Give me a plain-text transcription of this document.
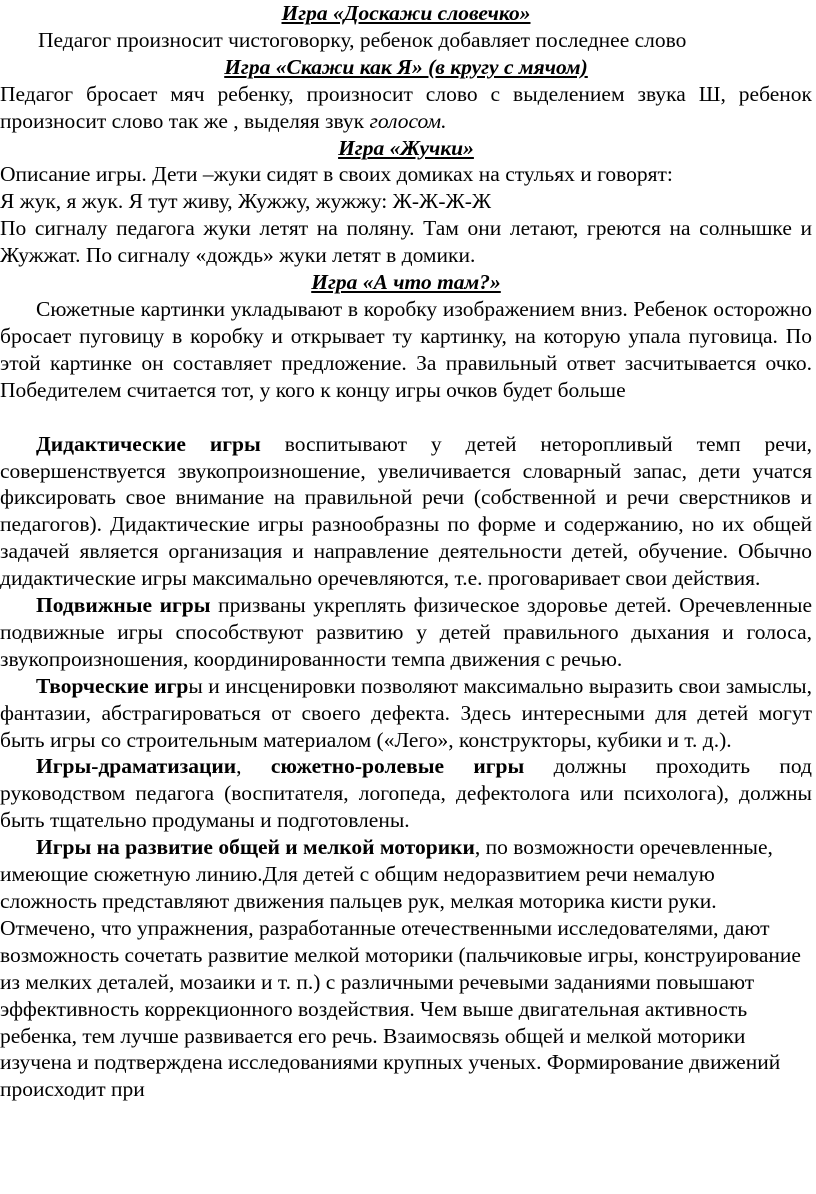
Игра «Доскажи словечко»

Педагог произносит чистоговорку, ребенок добавляет последнее слово

Игра «Скажи как Я» (в кругу с мячом)

Педагог бросает мяч ребенку, произносит слово с выделением звука Ш, ребенок произносит слово так же , выделяя звук голосом.

Игра «Жучки»

Описание игры. Дети –жуки сидят в своих домиках на стульях и говорят:

Я жук, я жук. Я тут живу, Жужжу, жужжу: Ж-Ж-Ж-Ж

По сигналу педагога жуки летят на поляну. Там они летают, греются на солнышке и Жужжат. По сигналу «дождь» жуки летят в домики.

Игра «А что там?»

Сюжетные картинки укладывают в коробку изображением вниз. Ребенок осторожно бросает пуговицу в коробку и открывает ту картинку, на которую упала пуговица. По этой картинке он составляет предложение. За правильный ответ засчитывается очко. Победителем считается тот, у кого к концу игры очков будет больше

Дидактические игры воспитывают у детей неторопливый темп речи, совершенствуется звукопроизношение, увеличивается словарный запас, дети учатся фиксировать свое внимание на правильной речи (собственной и речи сверстников и педагогов). Дидактические игры разнообразны по форме и содержанию, но их общей задачей является организация и направление деятельности детей, обучение. Обычно дидактические игры максимально оречевляются, т.е. проговаривает свои действия.

Подвижные игры призваны укреплять физическое здоровье детей. Оречевленные подвижные игры способствуют развитию у детей правильного дыхания и голоса, звукопроизношения, координированности темпа движения с речью.

Творческие игры и инсценировки позволяют максимально выразить свои замыслы, фантазии, абстрагироваться от своего дефекта. Здесь интересными для детей могут быть игры со строительным материалом («Лего», конструкторы, кубики и т. д.).

Игры-драматизации, сюжетно-ролевые игры должны проходить под руководством педагога (воспитателя, логопеда, дефектолога или психолога), должны быть тщательно продуманы и подготовлены.

Игры на развитие общей и мелкой моторики, по возможности оречевленные, имеющие сюжетную линию.Для детей с общим недоразвитием речи немалую сложность представляют движения пальцев рук, мелкая моторика кисти руки. Отмечено, что упражнения, разработанные отечественными исследователями, дают возможность сочетать развитие мелкой моторики (пальчиковые игры, конструирование из мелких деталей, мозаики и т. п.) с различными речевыми заданиями повышают эффективность коррекционного воздействия. Чем выше двигательная активность ребенка, тем лучше развивается его речь. Взаимосвязь общей и мелкой моторики изучена и подтверждена исследованиями крупных ученых. Формирование движений происходит при
